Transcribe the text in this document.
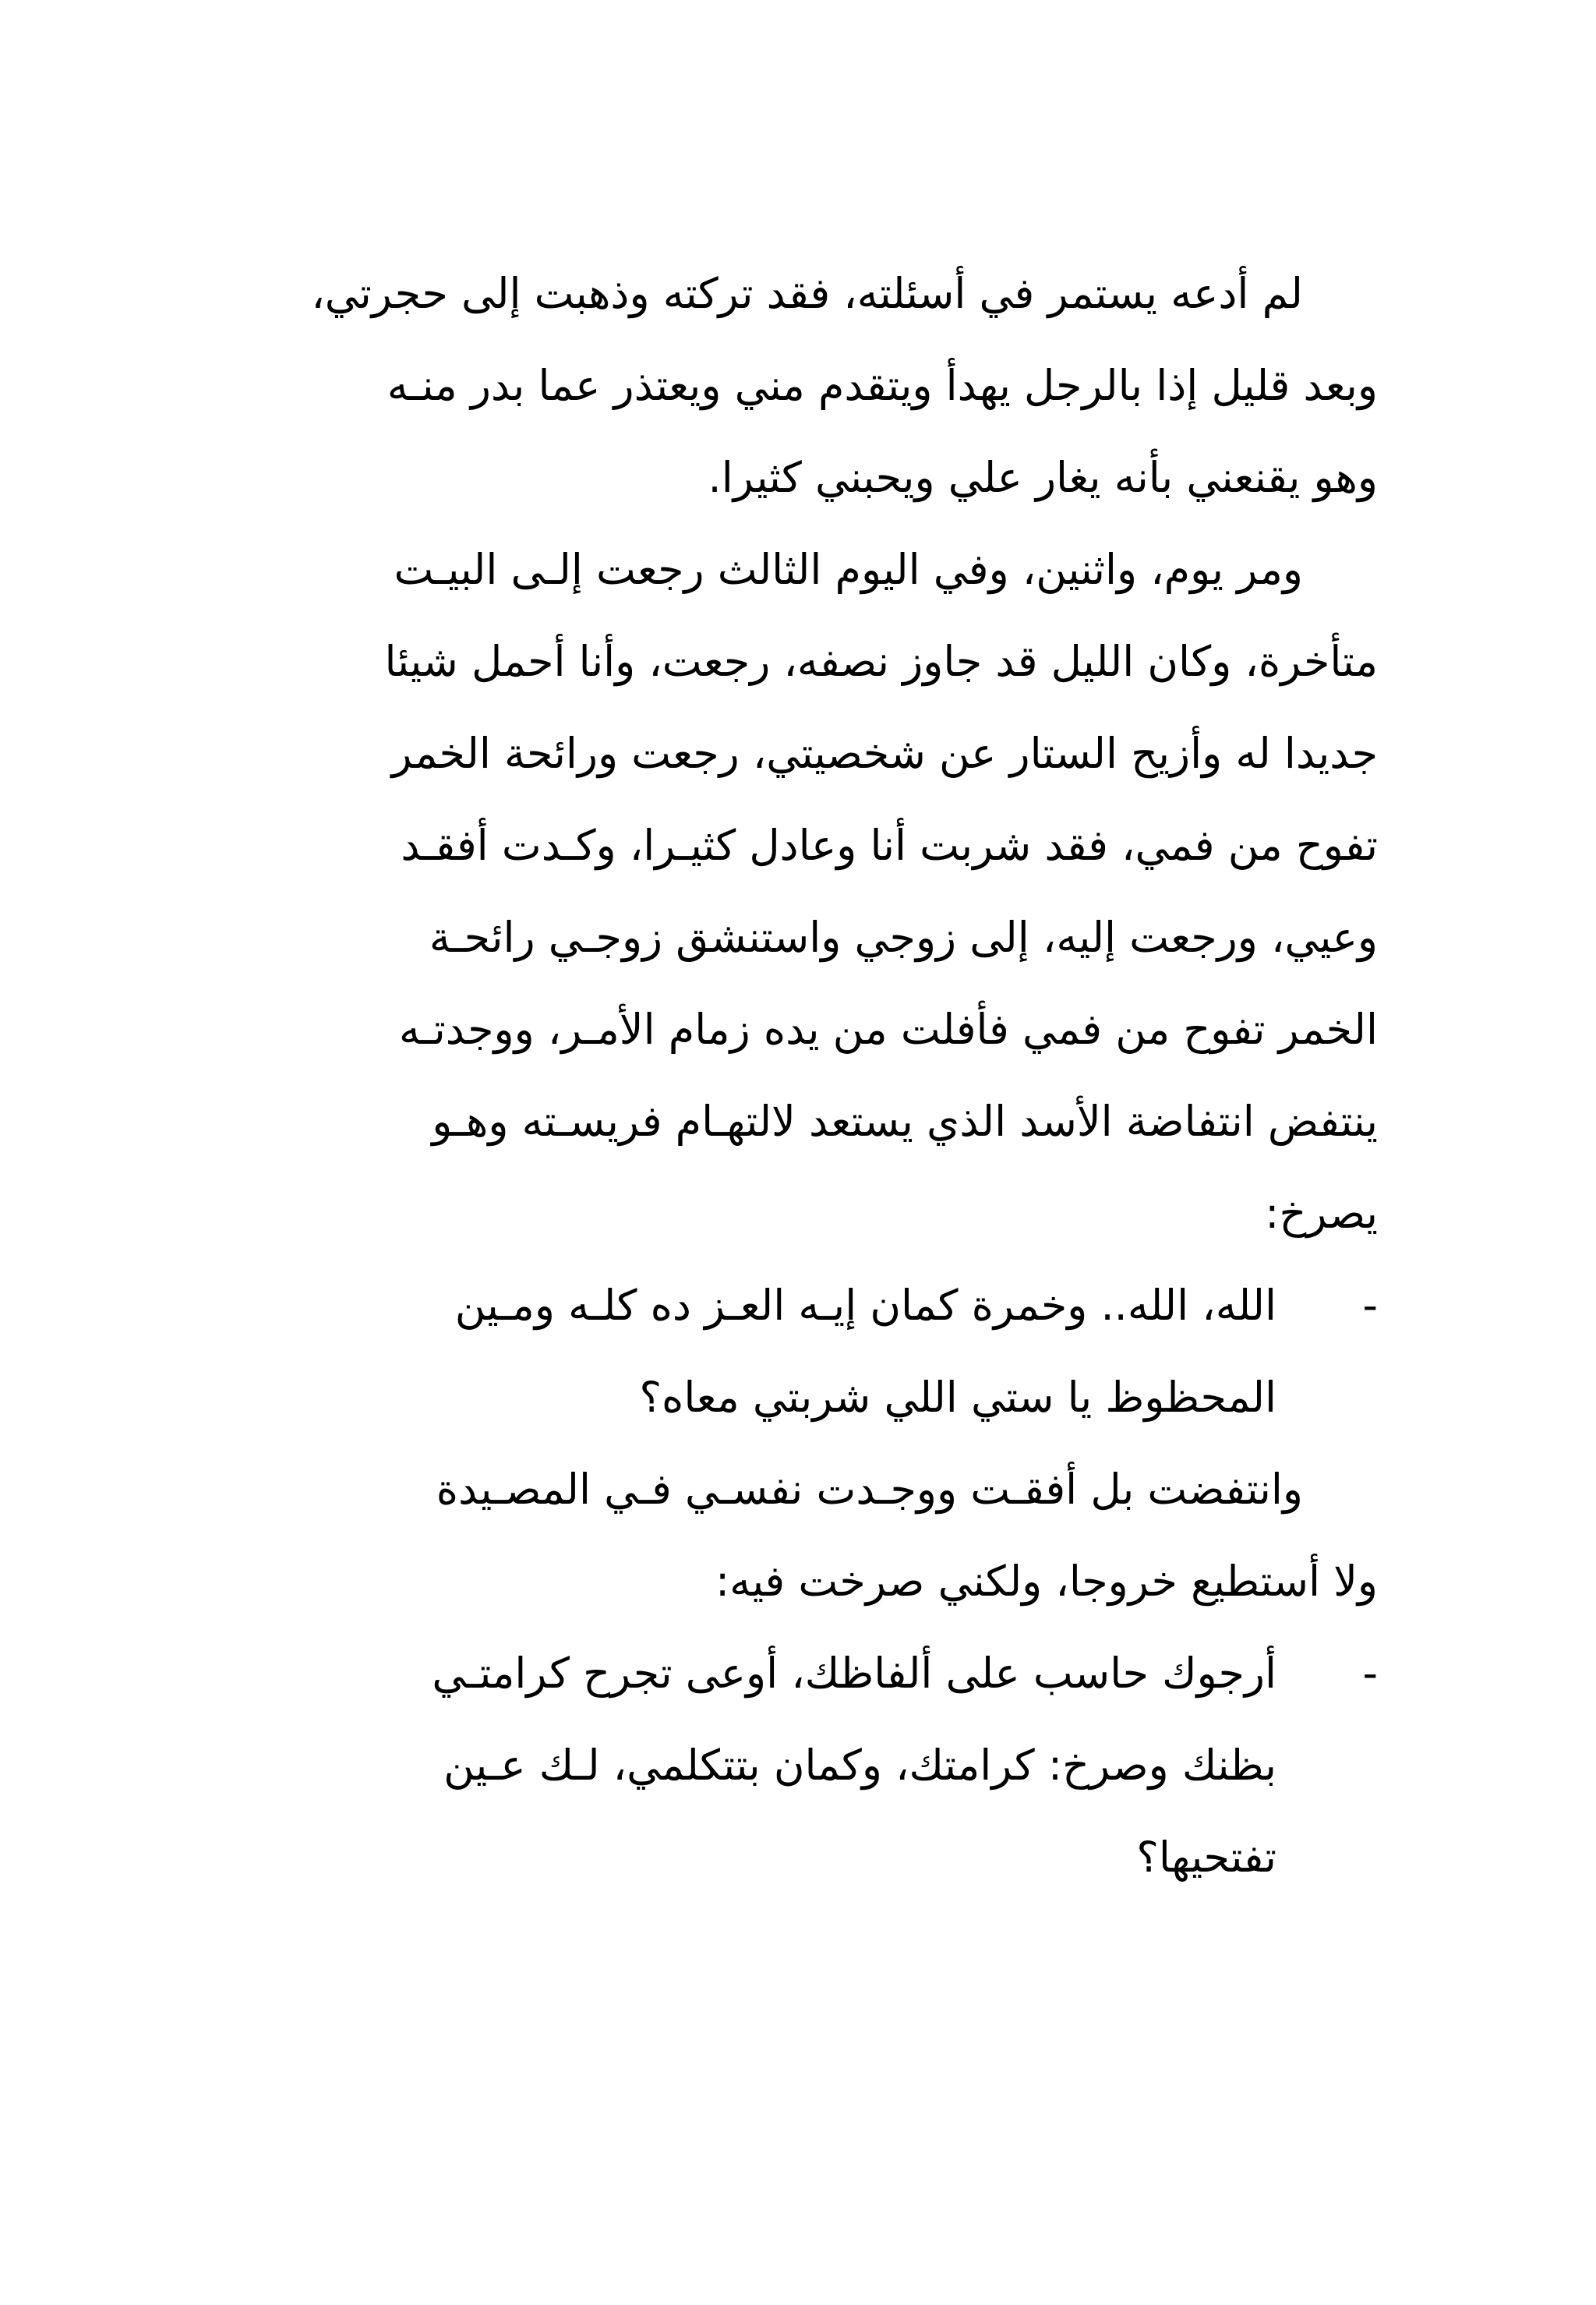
لم أدعه يستمر في أسئلته، فقد تركته وذهبت إلى حجرتي،
وبعد قليل إذا بالرجل يهدأ ويتقدم مني ويعتذر عما بدر منـه
وهو يقنعني بأنه يغار علي ويحبني كثيرا.
ومر يوم، واثنين، وفي اليوم الثالث رجعت إلـى البيـت
متأخرة، وكان الليل قد جاوز نصفه، رجعت، وأنا أحمل شيئا
جديدا له وأزيح الستار عن شخصيتي، رجعت ورائحة الخمر
تفوح من فمي، فقد شربت أنا وعادل كثيـرا، وكـدت أفقـد
وعيي، ورجعت إليه، إلى زوجي واستنشق زوجـي رائحـة
الخمر تفوح من فمي فأفلت من يده زمام الأمـر، ووجدتـه
ينتفض انتفاضة الأسد الذي يستعد لالتهـام فريسـته وهـو
يصرخ:
-
الله، الله.. وخمرة كمان إيـه العـز ده كلـه ومـين
المحظوظ يا ستي اللي شربتي معاه؟
وانتفضت بل أفقـت ووجـدت نفسـي فـي المصـيدة
ولا أستطيع خروجا، ولكني صرخت فيه:
-
أرجوك حاسب على ألفاظك، أوعى تجرح كرامتـي
بظنك وصرخ: كرامتك، وكمان بتتكلمي، لـك عـين
تفتحيها؟
